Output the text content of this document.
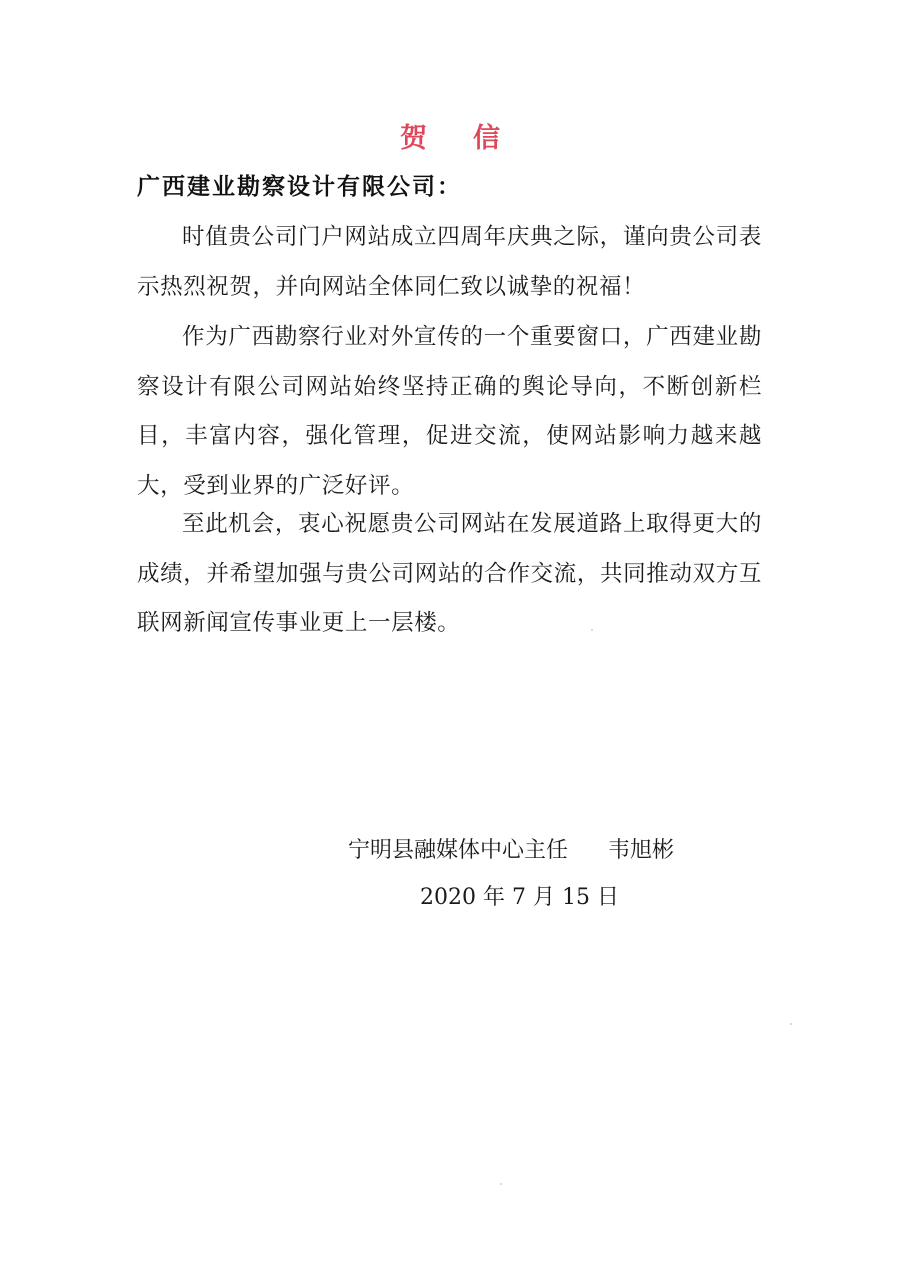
贺信
广西建业勘察设计有限公司：
时值贵公司门户网站成立四周年庆典之际，谨向贵公司表示热烈祝贺，并向网站全体同仁致以诚挚的祝福！
作为广西勘察行业对外宣传的一个重要窗口，广西建业勘察设计有限公司网站始终坚持正确的舆论导向，不断创新栏目，丰富内容，强化管理，促进交流，使网站影响力越来越大，受到业界的广泛好评。
至此机会，衷心祝愿贵公司网站在发展道路上取得更大的成绩，并希望加强与贵公司网站的合作交流，共同推动双方互联网新闻宣传事业更上一层楼。
宁明县融媒体中心主任 韦旭彬
2020 年 7 月 15 日
